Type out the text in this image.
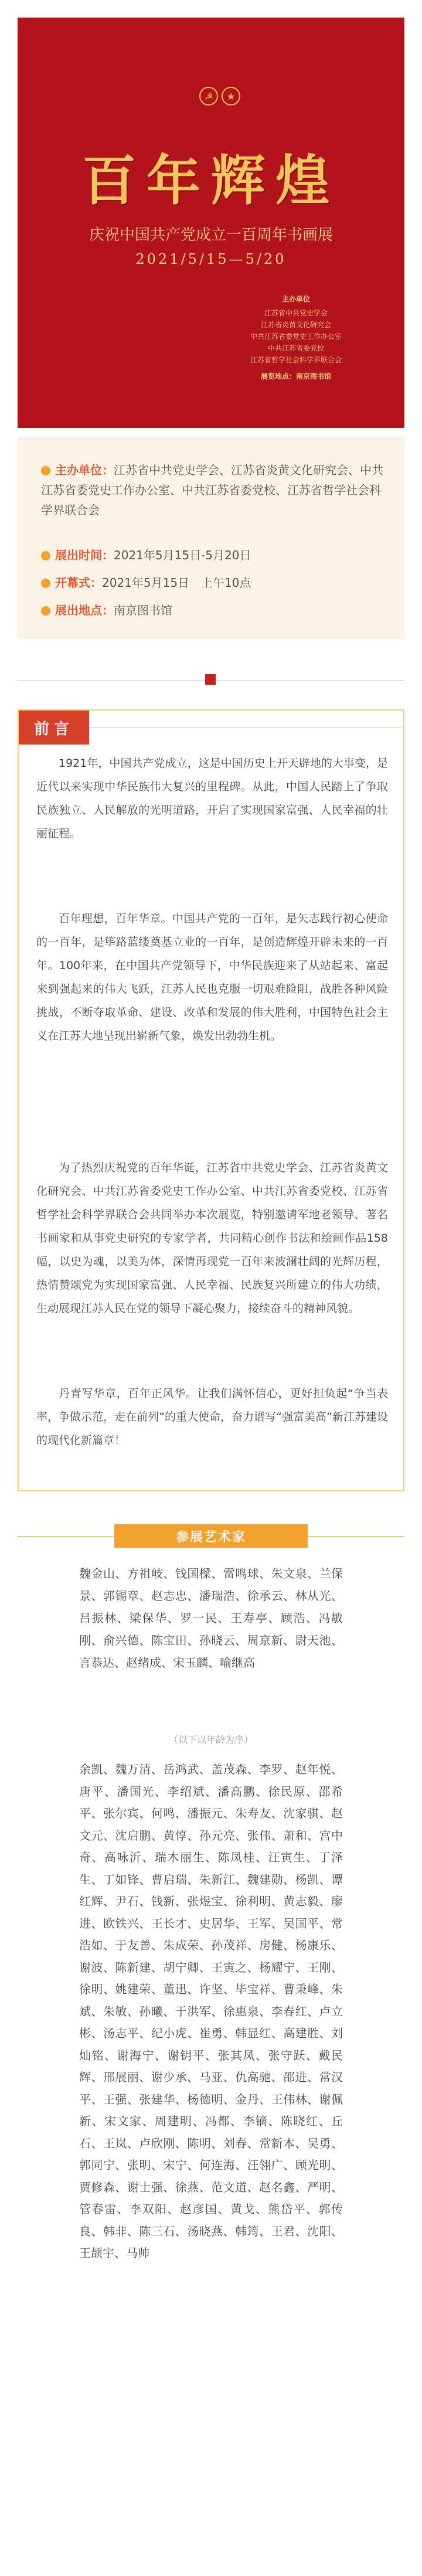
☭	★
百年辉煌
庆祝中国共产党成立一百周年书画展
2021/5/15—5/20
主办单位
江苏省中共党史学会
江苏省炎黄文化研究会
中共江苏省委党史工作办公室
中共江苏省委党校
江苏省哲学社会科学界联合会
展览地点：南京图书馆
主办单位：江苏省中共党史学会、江苏省炎黄文化研究会、中共江苏省委党史工作办公室、中共江苏省委党校、江苏省哲学社会科学界联合会
展出时间：2021年5月15日-5月20日
开幕式：2021年5月15日　上午10点
展出地点：南京图书馆
前言

1921年，中国共产党成立，这是中国历史上开天辟地的大事变，是近代以来实现中华民族伟大复兴的里程碑。从此，中国人民踏上了争取民族独立、人民解放的光明道路，开启了实现国家富强、人民幸福的壮丽征程。

百年理想，百年华章。中国共产党的一百年，是矢志践行初心使命的一百年，是筚路蓝缕奠基立业的一百年，是创造辉煌开辟未来的一百年。100年来，在中国共产党领导下，中华民族迎来了从站起来、富起来到强起来的伟大飞跃，江苏人民也克服一切艰难险阻，战胜各种风险挑战，不断夺取革命、建设、改革和发展的伟大胜利，中国特色社会主义在江苏大地呈现出崭新气象，焕发出勃勃生机。

为了热烈庆祝党的百年华诞，江苏省中共党史学会、江苏省炎黄文化研究会、中共江苏省委党史工作办公室、中共江苏省委党校、江苏省哲学社会科学界联合会共同举办本次展览，特别邀请军地老领导、著名书画家和从事党史研究的专家学者，共同精心创作书法和绘画作品158幅，以史为魂，以美为体，深情再现党一百年来波澜壮阔的光辉历程，热情赞颂党为实现国家富强、人民幸福、民族复兴所建立的伟大功绩，生动展现江苏人民在党的领导下凝心聚力，接续奋斗的精神风貌。

丹青写华章，百年正风华。让我们满怀信心，更好担负起“争当表率，争做示范，走在前列”的重大使命，奋力谱写“强富美高”新江苏建设的现代化新篇章！

参展艺术家
魏金山、方祖岐、钱国樑、雷鸣球、朱文泉、兰保景、郭锡章、赵志忠、潘瑞浩、徐承云、林从光、吕振林、梁保华、罗一民、王寿亭、顾浩、冯敏刚、俞兴德、陈宝田、孙晓云、周京新、尉天池、言恭达、赵绪成、宋玉麟、喻继高
（以下以年龄为序）
余凯、魏万清、岳鸿武、盖茂森、李罗、赵年悦、唐平、潘国光、李绍斌、潘高鹏、徐民原、邵希平、张尔宾、何鸣、潘振元、朱寿友、沈家骐、赵文元、沈启鹏、黄惇、孙元亮、张伟、萧和、宫中奇、高咏沂、瑞木丽生、陈凤桂、汪寅生、丁泽生、丁如锋、曹启瑞、朱新江、魏建勋、杨凯、谭红辉、尹石、钱新、张煜宝、徐利明、黄志毅、廖进、欧铁兴、王长才、史居华、王军、吴国平、常浩如、于友善、朱成荣、孙茂祥、房健、杨康乐、谢波、陈新建、胡宁卿、王寅之、杨耀宁、王刚、徐明、姚建荣、董迅、许坚、毕宝祥、曹秉峰、朱斌、朱敏、孙曦、于洪军、徐惠泉、李春红、卢立彬、汤志平、纪小虎、崔勇、韩显红、高建胜、刘灿铭、谢海宁、谢钥平、张其凤、张守跃、戴民辉、邢展丽、谢少承、马亚、仇高驰、邵进、常汉平、王强、张建华、杨德明、金丹、王伟林、谢佩新、宋文家、周建明、冯都、李镝、陈晓红、丘石、王岚、卢欣刚、陈明、刘春、常新本、吴勇、郭同宁、张明、宋宁、何连海、汪翎广、顾光明、贾修森、谢士强、徐燕、范文道、赵名鑫、严明、管春雷、李双阳、赵彦国、黄戈、熊岱平、郭传良、韩非、陈三石、汤晓燕、韩筠、王君、沈阳、王颉宇、马帅
